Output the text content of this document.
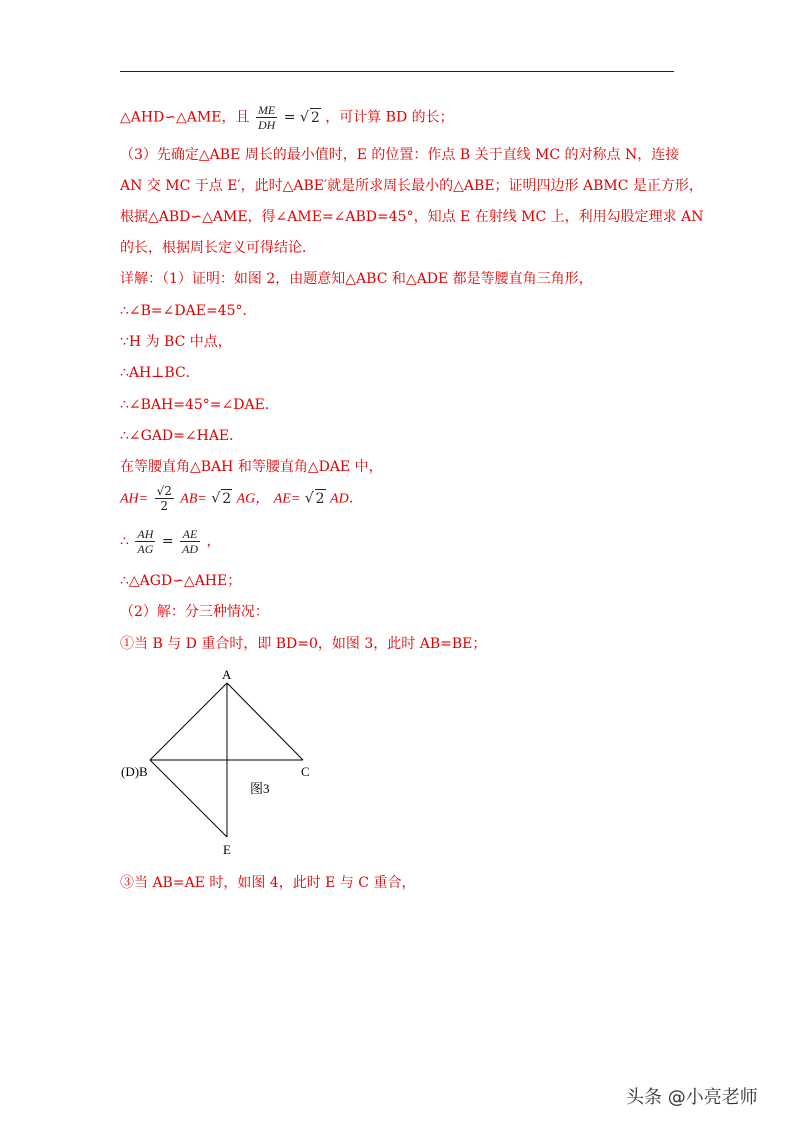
△AHD∽△AME，且 $\frac{ME}{DH}$ = √ 2 ，可计算 BD 的长；
（3）先确定△ABE 周长的最小值时，E 的位置：作点 B 关于直线 MC 的对称点 N，连接
AN 交 MC 于点 E′，此时△ABE′就是所求周长最小的△ABE；证明四边形 ABMC 是正方形，
根据△ABD∽△AME，得∠AME=∠ABD=45°，知点 E 在射线 MC 上，利用勾股定理求 AN
的长，根据周长定义可得结论．
详解：（1）证明：如图 2，由题意知△ABC 和△ADE 都是等腰直角三角形，
∴∠B=∠DAE=45°．
∵H 为 BC 中点，
∴AH⊥BC．
∴∠BAH=45°=∠DAE．
∴∠GAD=∠HAE．
在等腰直角△BAH 和等腰直角△DAE 中，
$AH= \frac{√2}{2} AB=$ √ 2 AG， AE= √ 2 AD．
∴ $\frac{AH}{AG} = \frac{AE}{AD}$ ，
∴△AGD∽△AHE；
（2）解：分三种情况：
①当 B 与 D 重合时，即 BD=0，如图 3，此时 AB=BE；
A
(D)B	C
E
图3
③当 AB=AE 时，如图 4，此时 E 与 C 重合，
头条 @小亮老师
